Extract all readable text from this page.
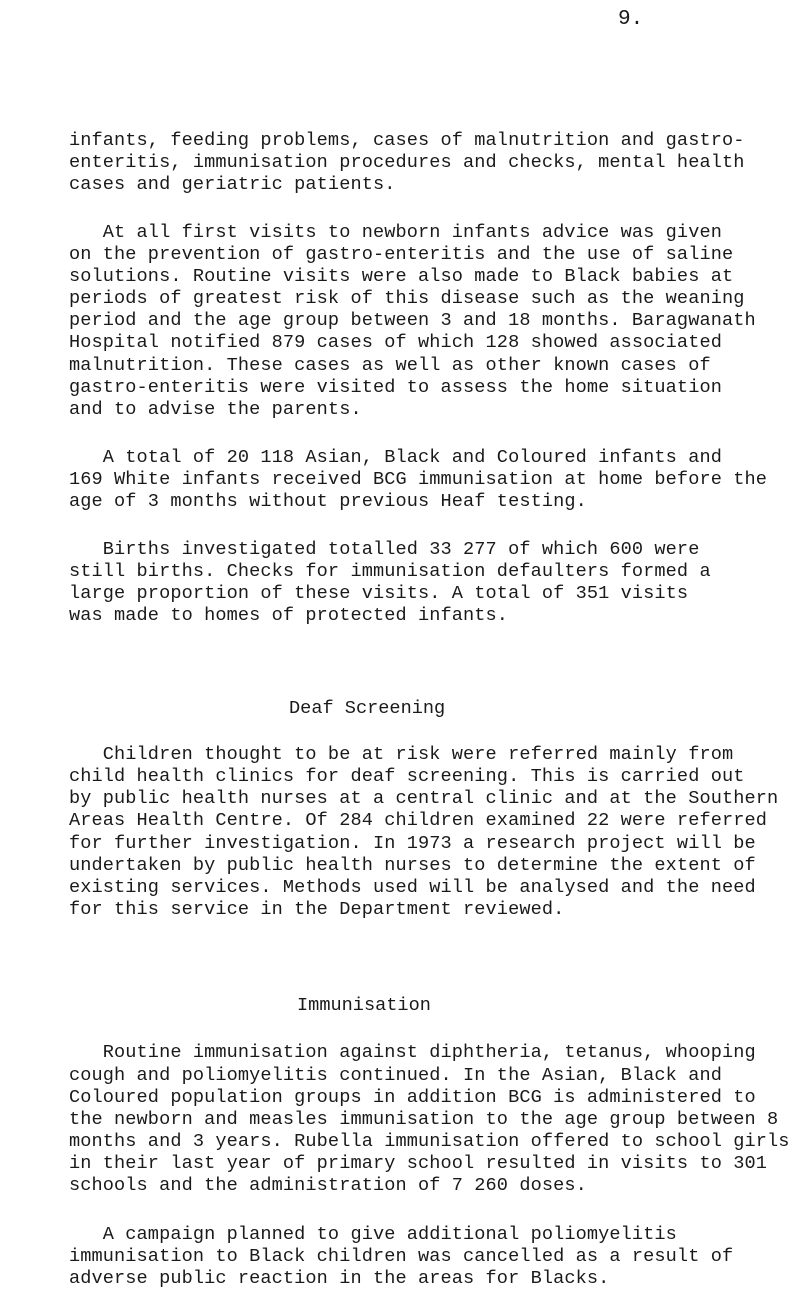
9.
infants, feeding problems, cases of malnutrition and gastro-
enteritis, immunisation procedures and checks, mental health
cases and geriatric patients.
At all first visits to newborn infants advice was given
on the prevention of gastro-enteritis and the use of saline
solutions. Routine visits were also made to Black babies at
periods of greatest risk of this disease such as the weaning
period and the age group between 3 and 18 months. Baragwanath
Hospital notified 879 cases of which 128 showed associated
malnutrition. These cases as well as other known cases of
gastro-enteritis were visited to assess the home situation
and to advise the parents.
A total of 20 118 Asian, Black and Coloured infants and
169 White infants received BCG immunisation at home before the
age of 3 months without previous Heaf testing.
Births investigated totalled 33 277 of which 600 were
still births. Checks for immunisation defaulters formed a
large proportion of these visits. A total of 351 visits
was made to homes of protected infants.
Deaf Screening
Children thought to be at risk were referred mainly from
child health clinics for deaf screening. This is carried out
by public health nurses at a central clinic and at the Southern
Areas Health Centre. Of 284 children examined 22 were referred
for further investigation. In 1973 a research project will be
undertaken by public health nurses to determine the extent of
existing services. Methods used will be analysed and the need
for this service in the Department reviewed.
Immunisation
Routine immunisation against diphtheria, tetanus, whooping
cough and poliomyelitis continued. In the Asian, Black and
Coloured population groups in addition BCG is administered to
the newborn and measles immunisation to the age group between 8
months and 3 years. Rubella immunisation offered to school girls
in their last year of primary school resulted in visits to 301
schools and the administration of 7 260 doses.
A campaign planned to give additional poliomyelitis
immunisation to Black children was cancelled as a result of
adverse public reaction in the areas for Blacks.
